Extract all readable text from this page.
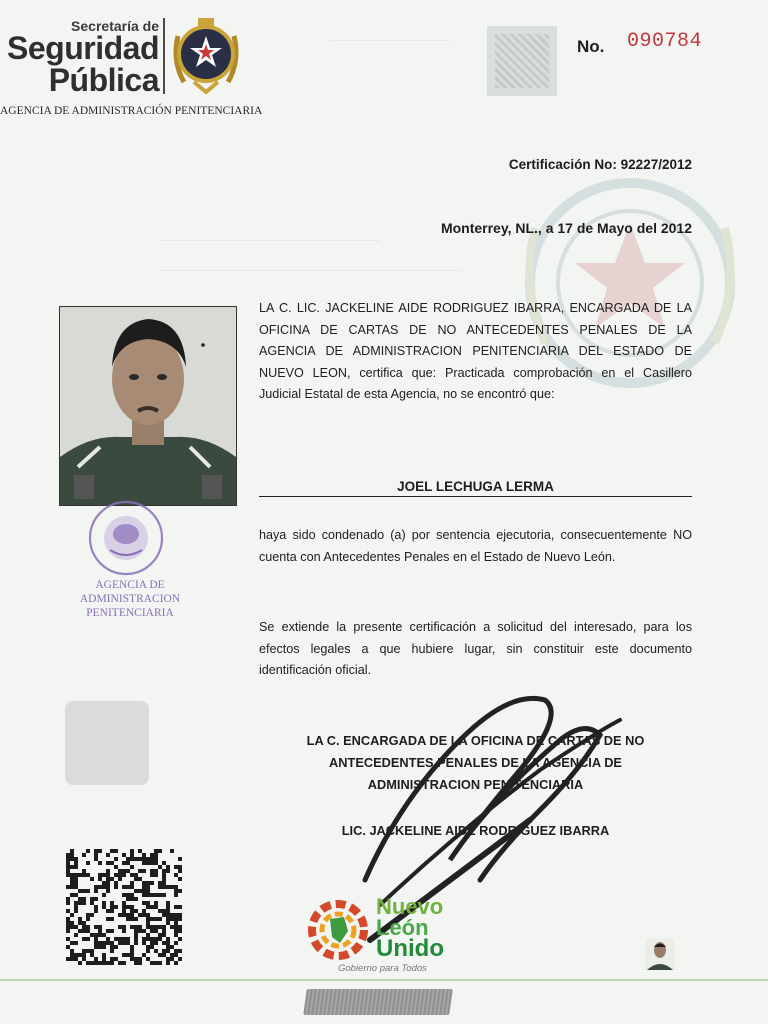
Secretaría de
Seguridad
Pública
AGENCIA DE ADMINISTRACIÓN PENITENCIARIA
No. 090784
Certificación No: 92227/2012
Monterrey, NL., a 17 de Mayo del 2012
LA C. LIC. JACKELINE AIDE RODRIGUEZ IBARRA, ENCARGADA DE LA OFICINA DE CARTAS DE NO ANTECEDENTES PENALES DE LA AGENCIA DE ADMINISTRACION PENITENCIARIA DEL ESTADO DE NUEVO LEON, certifica que: Practicada comprobación en el Casillero Judicial Estatal de esta Agencia, no se encontró que:
JOEL LECHUGA LERMA
haya sido condenado (a) por sentencia ejecutoria, consecuentemente NO cuenta con Antecedentes Penales en el Estado de Nuevo León.
Se extiende la presente certificación a solicitud del interesado, para los efectos legales a que hubiere lugar, sin constituir este documento identificación oficial.
AGENCIA DE ADMINISTRACION
PENITENCIARIA
LA C. ENCARGADA DE LA OFICINA DE CARTAS DE NO
ANTECEDENTES PENALES DE LA AGENCIA DE
ADMINISTRACION PENITENCIARIA
LIC. JACKELINE AIDE RODRIGUEZ IBARRA
Nuevo
León
Unido
Gobierno para Todos
